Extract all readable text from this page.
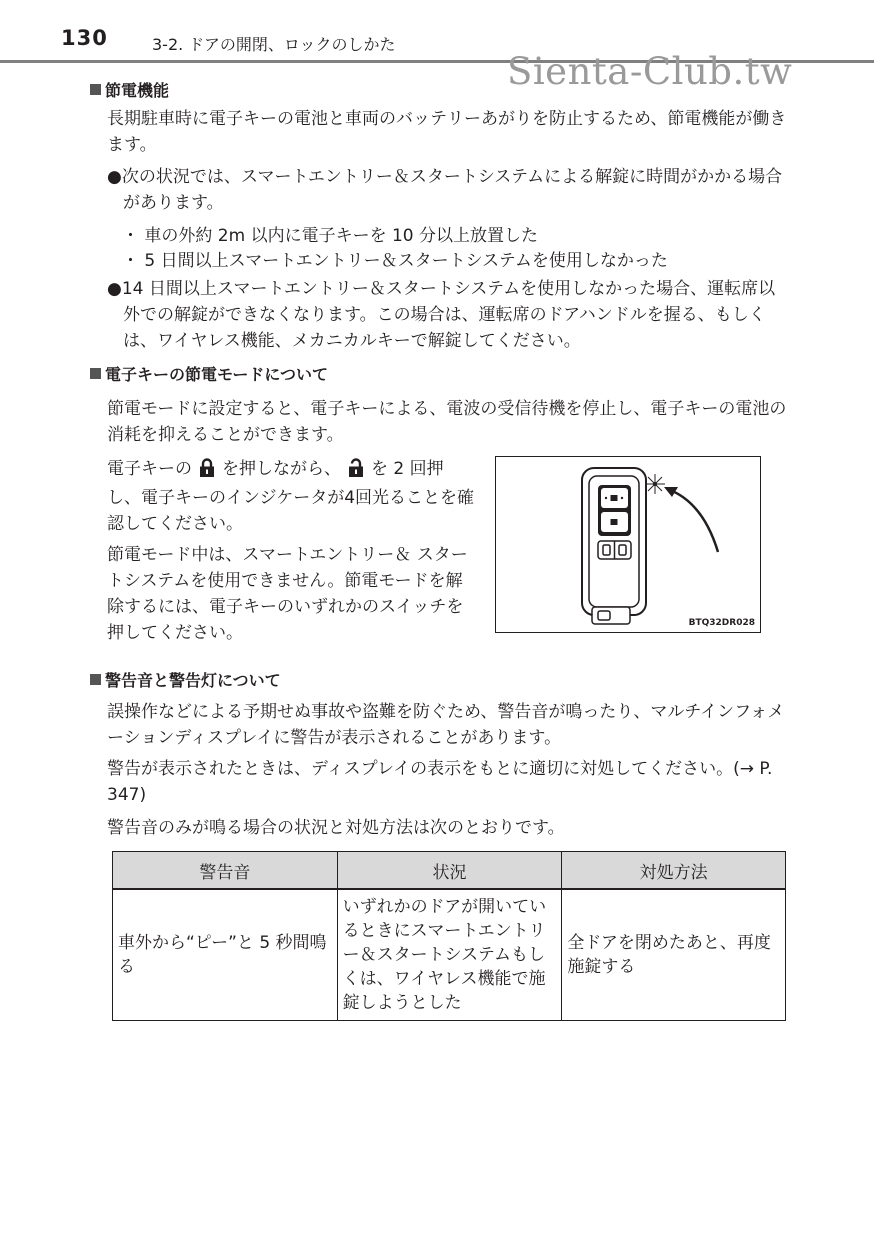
130	3-2. ドアの開閉、ロックのしかた
Sienta-Club.tw
節電機能
長期駐車時に電子キーの電池と車両のバッテリーあがりを防止するため、節電機能が働きます。
●次の状況では、スマートエントリー＆スタートシステムによる解錠に時間がかかる場合があります。
・ 車の外約 2m 以内に電子キーを 10 分以上放置した
・ 5 日間以上スマートエントリー＆スタートシステムを使用しなかった
●14 日間以上スマートエントリー＆スタートシステムを使用しなかった場合、運転席以外での解錠ができなくなります。この場合は、運転席のドアハンドルを握る、もしくは、ワイヤレス機能、メカニカルキーで解錠してください。
電子キーの節電モードについて
節電モードに設定すると、電子キーによる、電波の受信待機を停止し、電子キーの電池の消耗を抑えることができます。
電子キーの を押しながら、 を 2 回押し、電子キーのインジケータが4回光ることを確認してください。
節電モード中は、スマートエントリー＆ スタートシステムを使用できません。節電モードを解除するには、電子キーのいずれかのスイッチを押してください。	BTQ32DR028
警告音と警告灯について
誤操作などによる予期せぬ事故や盗難を防ぐため、警告音が鳴ったり、マルチインフォメーションディスプレイに警告が表示されることがあります。
警告が表示されたときは、ディスプレイの表示をもとに適切に対処してください。(→ P. 347)
警告音のみが鳴る場合の状況と対処方法は次のとおりです。
警告音	状況	対処方法
車外から“ピー”と 5 秒間鳴る	いずれかのドアが開いているときにスマートエントリー＆スタートシステムもしくは、ワイヤレス機能で施錠しようとした	全ドアを閉めたあと、再度施錠する
